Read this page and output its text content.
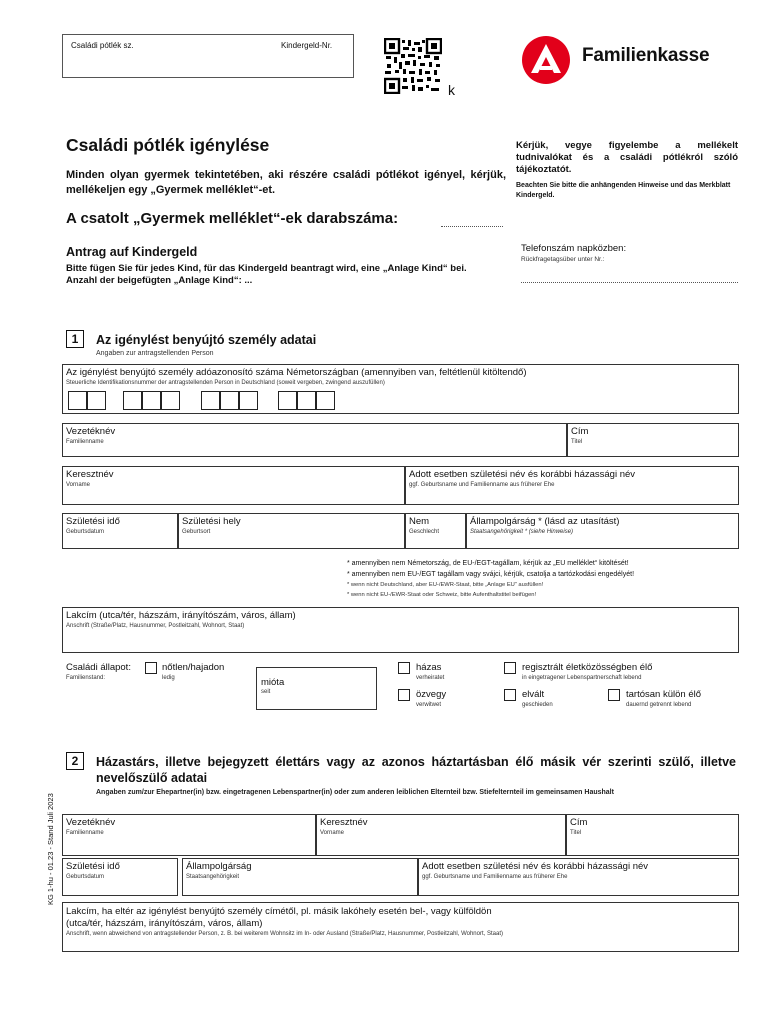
Családi pótlék sz.	Kindergeld-Nr.
k
Familienkasse
Családi pótlék igénylése
Minden olyan gyermek tekintetében, aki részére családi pótlékot igényel, kérjük, mellékeljen egy „Gyermek melléklet“-et.
A csatolt „Gyermek melléklet“-ek darabszáma:
Antrag auf Kindergeld
Bitte fügen Sie für jedes Kind, für das Kindergeld beantragt wird, eine „Anlage Kind“ bei.
Anzahl der beigefügten „Anlage Kind“: ...
Kérjük, vegye figyelembe a mellékelt tudnivalókat és a családi pótlékról szóló tájékoztatót.
Beachten Sie bitte die anhängenden Hinweise und das Merkblatt Kindergeld.
Telefonszám napközben:
Rückfragetagsüber unter Nr.:
1	Az igénylést benyújtó személy adatai
Angaben zur antragstellenden Person
Az igénylést benyújtó személy adóazonosító száma Németországban (amennyiben van, feltétlenül kitöltendő)
Steuerliche Identifikationsnummer der antragstellenden Person in Deutschland (soweit vergeben, zwingend auszufüllen)
Vezetéknév
Familienname
Cím
Titel
Keresztnév
Vorname
Adott esetben születési név és korábbi házassági név
ggf. Geburtsname und Familienname aus früherer Ehe
Születési idő
Geburtsdatum
Születési hely
Geburtsort
Nem
Geschlecht
Állampolgárság * (lásd az utasítást)
Staatsangehörigkeit * (siehe Hinweise)
* amennyiben nem Németország, de EU-/EGT-tagállam, kérjük az „EU melléklet“ kitöltését!
* amennyiben nem EU-/EGT tagállam vagy svájci, kérjük, csatolja a tartózkodási engedélyét!
* wenn nicht Deutschland, aber EU-/EWR-Staat, bitte „Anlage EU“ ausfüllen!
* wenn nicht EU-/EWR-Staat oder Schweiz, bitte Aufenthaltstitel beifügen!
Lakcím (utca/tér, házszám, irányítószám, város, állam)
Anschrift (Straße/Platz, Hausnummer, Postleitzahl, Wohnort, Staat)
Családi állapot:
Familienstand:
nőtlen/hajadon
ledig	mióta
seit
házas
verheiratet
regisztrált életközösségben élő
in eingetragener Lebenspartnerschaft lebend
özvegy
verwitwet
elvált
geschieden
tartósan külön élő
dauernd getrennt lebend
2	Házastárs, illetve bejegyzett élettárs vagy az azonos háztartásban élő másik vér szerinti szülő, illetve nevelőszülő adatai
Angaben zum/zur Ehepartner(in) bzw. eingetragenen Lebenspartner(in) oder zum anderen leiblichen Elternteil bzw. Stiefelternteil im gemeinsamen Haushalt
Vezetéknév
Familienname
Keresztnév
Vorname
Cím
Titel
Születési idő
Geburtsdatum
Állampolgárság
Staatsangehörigkeit
Adott esetben születési név és korábbi házassági név
ggf. Geburtsname und Familienname aus früherer Ehe
Lakcím, ha eltér az igénylést benyújtó személy címétől, pl. másik lakóhely esetén bel-, vagy külföldön
(utca/tér, házszám, irányítószám, város, állam)
Anschrift, wenn abweichend von antragstellender Person, z. B. bei weiterem Wohnsitz im In- oder Ausland (Straße/Platz, Hausnummer, Postleitzahl, Wohnort, Staat)
KG 1-hu - 01.23 - Stand Juli 2023
